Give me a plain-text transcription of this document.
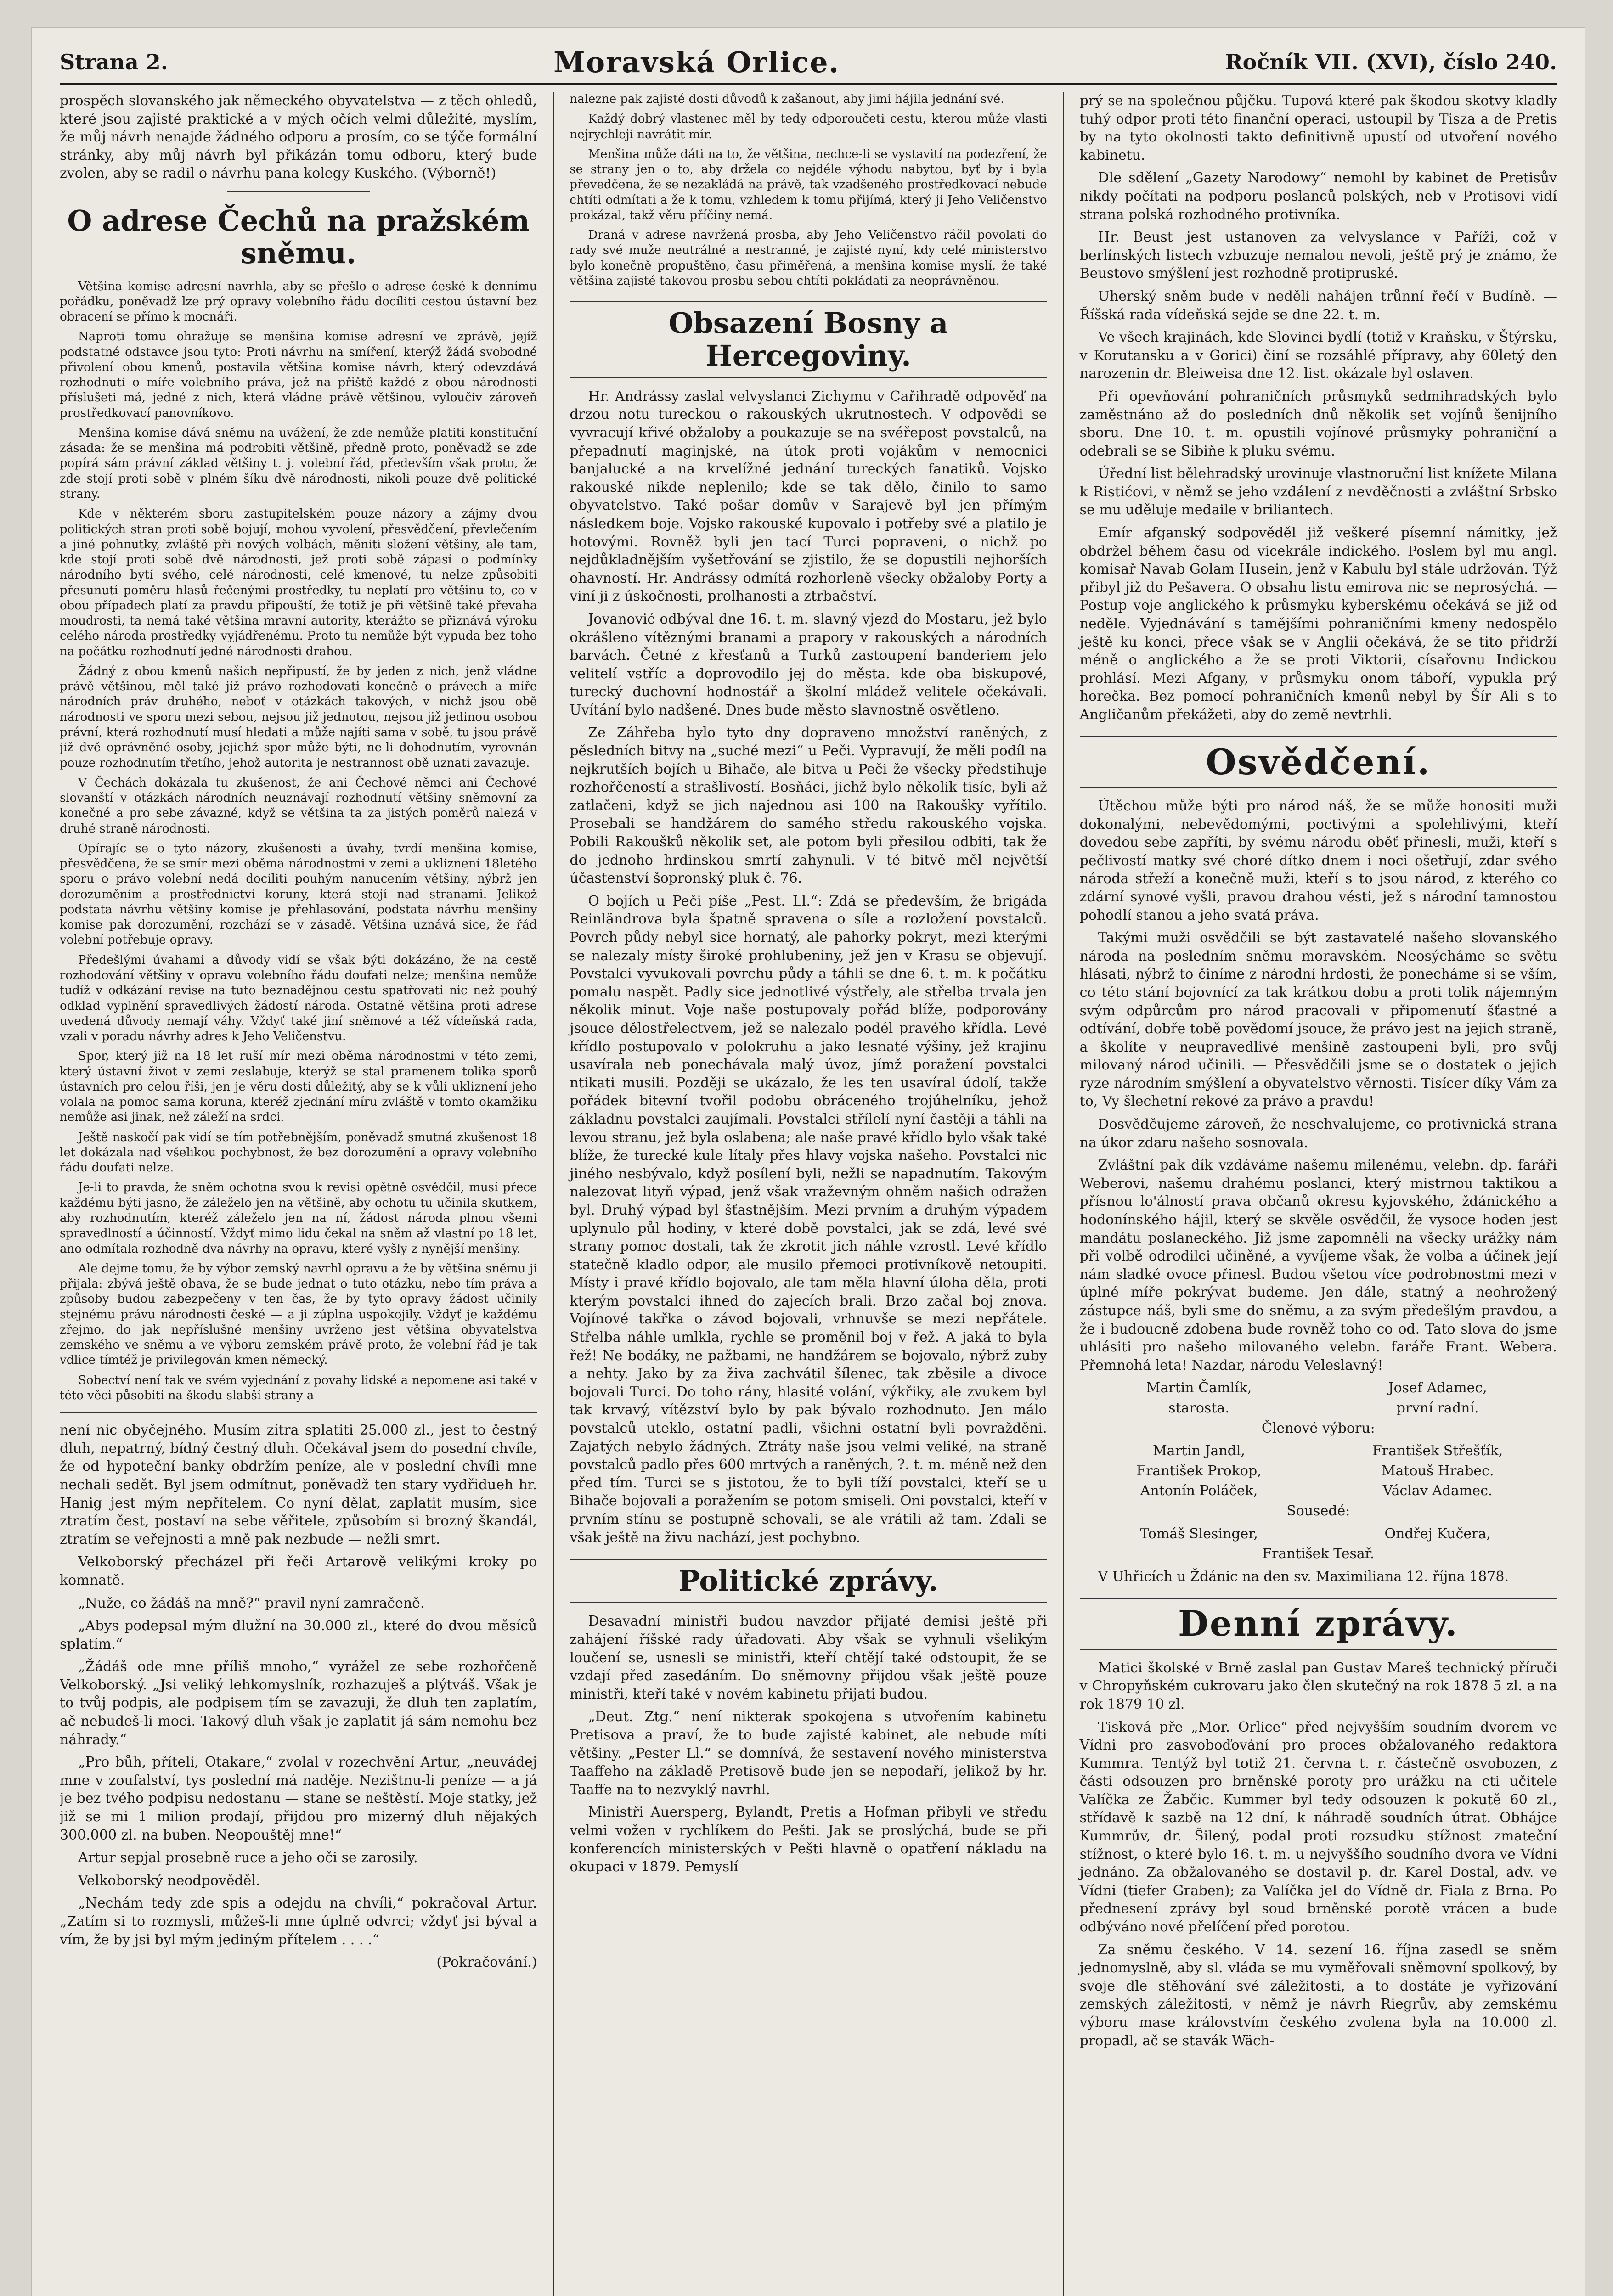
Strana 2.	Moravská Orlice.	Ročník VII. (XVI), číslo 240.

prospěch slovanského jak německého obyvatelstva — z těch ohledů, které jsou zajisté praktické a v mých očích velmi důležité, myslím, že můj návrh nenajde žádného odporu a prosím, co se týče formální stránky, aby můj návrh byl přikázán tomu odboru, který bude zvolen, aby se radil o návrhu pana kolegy Kuského. (Výborně!)

O adrese Čechů na pražském sněmu.

Většina komise adresní navrhla, aby se přešlo o adrese české k dennímu pořádku, poněvadž lze prý opravy volebního řádu docíliti cestou ústavní bez obracení se přímo k mocnáři.

Naproti tomu ohražuje se menšina komise adresní ve zprávě, jejíž podstatné odstavce jsou tyto: Proti návrhu na smíření, kterýž žádá svobodné přivolení obou kmenů, postavila většina komise návrh, který odevzdává rozhodnutí o míře volebního práva, jež na přiště každé z obou národností příslušeti má, jedné z nich, která vládne právě většinou, vyloučiv zároveň prostředkovací panovníkovo.

Menšina komise dává sněmu na uvážení, že zde nemůže platiti konstituční zásada: že se menšina má podrobiti většině, předně proto, poněvadž se zde popírá sám právní základ většiny t. j. volební řád, především však proto, že zde stojí proti sobě v plném šíku dvě národnosti, nikoli pouze dvě politické strany.

Kde v některém sboru zastupitelském pouze názory a zájmy dvou politických stran proti sobě bojují, mohou vyvolení, přesvědčení, převlečením a jiné pohnutky, zvláště při nových volbách, měniti složení většiny, ale tam, kde stojí proti sobě dvě národnosti, jež proti sobě zápasí o podmínky národního bytí svého, celé národnosti, celé kmenové, tu nelze způsobiti přesunutí poměru hlasů řečenými prostředky, tu neplatí pro většinu to, co v obou případech platí za pravdu připouští, že totiž je při většině také převaha moudrosti, ta nemá také většina mravní autority, kterážto se přiznává výroku celého národa prostředky vyjádřenému. Proto tu nemůže být vypuda bez toho na počátku rozhodnutí jedné národnosti drahou.

Žádný z obou kmenů našich nepřipustí, že by jeden z nich, jenž vládne právě většinou, měl také již právo rozhodovati konečně o právech a míře národních práv druhého, neboť v otázkách takových, v nichž jsou obě národnosti ve sporu mezi sebou, nejsou již jednotou, nejsou již jedinou osobou právní, která rozhodnutí musí hledati a může najíti sama v sobě, tu jsou právě již dvě oprávněné osoby, jejichž spor může býti, ne-li dohodnutím, vyrovnán pouze rozhodnutím třetího, jehož autorita je nestrannost obě uznati zavazuje.

V Čechách dokázala tu zkušenost, že ani Čechové němci ani Čechové slovanští v otázkách národních neuznávají rozhodnutí většiny sněmovní za konečné a pro sebe závazné, když se většina ta za jistých poměrů nalezá v druhé straně národnosti.

Opírajíc se o tyto názory, zkušenosti a úvahy, tvrdí menšina komise, přesvědčena, že se smír mezi oběma národnostmi v zemi a ukliznení 18letého sporu o právo volební nedá dociliti pouhým nanucením většiny, nýbrž jen dorozuměním a prostřednictví koruny, která stojí nad stranami. Jelikož podstata návrhu většiny komise je přehlasování, podstata návrhu menšiny komise pak dorozumění, rozchází se v zásadě. Většina uznává sice, že řád volební potřebuje opravy.

Předešlými úvahami a důvody vidí se však býti dokázáno, že na cestě rozhodování většiny v opravu volebního řádu doufati nelze; menšina nemůže tudíž v odkázání revise na tuto beznadějnou cestu spatřovati nic než pouhý odklad vyplnění spravedlivých žádostí národa. Ostatně většina proti adrese uvedená důvody nemají váhy. Vždyť také jiní sněmové a též vídeňská rada, vzali v poradu návrhy adres k Jeho Veličenstvu.

Spor, který již na 18 let ruší mír mezi oběma národnostmi v této zemi, který ústavní život v zemi zeslabuje, kterýž se stal pramenem tolika sporů ústavních pro celou říši, jen je věru dosti důležitý, aby se k vůli ukliznení jeho volala na pomoc sama koruna, kteréž zjednání míru zvláště v tomto okamžiku nemůže asi jinak, než záleží na srdci.

Ještě naskočí pak vidí se tím potřebnějším, poněvadž smutná zkušenost 18 let dokázala nad všelikou pochybnost, že bez dorozumění a opravy volebního řádu doufati nelze.

Je-li to pravda, že sněm ochotna svou k revisi opětně osvědčil, musí přece každému býti jasno, že záleželo jen na většině, aby ochotu tu učinila skutkem, aby rozhodnutím, kteréž záleželo jen na ní, žádost národa plnou všemi spravedlností a účinností. Vždyť mimo lidu čekal na sněm až vlastní po 18 let, ano odmítala rozhodně dva návrhy na opravu, které vyšly z nynější menšiny.

Ale dejme tomu, že by výbor zemský navrhl opravu a že by většina sněmu ji přijala: zbývá ještě obava, že se bude jednat o tuto otázku, nebo tím práva a způsoby budou zabezpečeny v ten čas, že by tyto opravy žádost učinily stejnému právu národnosti české — a ji zúplna uspokojily. Vždyť je každému zřejmo, do jak nepříslušné menšiny uvrženo jest většina obyvatelstva zemského ve sněmu a ve výboru zemském právě proto, že volební řád je tak vdlice tímtéž je privilegován kmen německý.

Sobectví není tak ve svém vyjednání z povahy lidské a nepomene asi také v této věci působiti na škodu slabší strany a

není nic obyčejného. Musím zítra splatiti 25.000 zl., jest to čestný dluh, nepatrný, bídný čestný dluh. Očekával jsem do posední chvíle, že od hypoteční banky obdržím peníze, ale v poslední chvíli mne nechali sedět. Byl jsem odmítnut, poněvadž ten stary vydřidueh hr. Hanig jest mým nepřítelem. Co nyní dělat, zaplatit musím, sice ztratím čest, postaví na sebe věřitele, způsobím si brozný škandál, ztratím se veřejnosti a mně pak nezbude — nežli smrt.

Velkoborský přecházel při řeči Artarově velikými kroky po komnatě.

„Nuže, co žádáš na mně?“ pravil nyní zamračeně.

„Abys podepsal mým dlužní na 30.000 zl., které do dvou měsíců splatím.“

„Žádáš ode mne příliš mnoho,“ vyrážel ze sebe rozhořčeně Velkoborský. „Jsi veliký lehkomyslník, rozhazuješ a plýtváš. Však je to tvůj podpis, ale podpisem tím se zavazuji, že dluh ten zaplatím, ač nebudeš-li moci. Takový dluh však je zaplatit já sám nemohu bez náhrady.“

„Pro bůh, příteli, Otakare,“ zvolal v rozechvění Artur, „neuvádej mne v zoufalství, tys poslední má naděje. Nezištnu-li peníze — a já je bez tvého podpisu nedostanu — stane se neštěstí. Moje statky, jež již se mi 1 milion prodají, přijdou pro mizerný dluh nějakých 300.000 zl. na buben. Neopouštěj mne!“

Artur sepjal prosebně ruce a jeho oči se zarosily.

Velkoborský neodpověděl.

„Nechám tedy zde spis a odejdu na chvíli,“ pokračoval Artur. „Zatím si to rozmysli, můžeš-li mne úplně odvrci; vždyť jsi býval a vím, že by jsi byl mým jediným přítelem . . . .“

(Pokračování.)

nalezne pak zajisté dosti důvodů k zašanout, aby jimi hájila jednání své.

Každý dobrý vlastenec měl by tedy odporoučeti cestu, kterou může vlasti nejrychlejí navrátit mír.

Menšina může dáti na to, že většina, nechce-li se vystavití na podezření, že se strany jen o to, aby držela co nejdéle výhodu nabytou, byť by i byla převedčena, že se nezakládá na právě, tak vzadšeného prostředkovací nebude chtíti odmítati a že k tomu, vzhledem k tomu přijímá, který ji Jeho Veličenstvo prokázal, takž věru příčiny nemá.

Draná v adrese navržená prosba, aby Jeho Veličenstvo ráčil povolati do rady své muže neutrálné a nestranné, je zajisté nyní, kdy celé ministerstvo bylo konečně propuštěno, času přiměřená, a menšina komise myslí, že také většina zajisté takovou prosbu sebou chtíti pokládati za neoprávněnou.

Obsazení Bosny a Hercegoviny.

Hr. Andrássy zaslal velvyslanci Zichymu v Cařihradě odpověď na drzou notu tureckou o rakouských ukrutnostech. V odpovědi se vyvracují křivé obžaloby a poukazuje se na svéřepost povstalců, na přepadnutí maginjské, na útok proti vojákům v nemocnici banjalucké a na krvelížné jednání tureckých fanatiků. Vojsko rakouské nikde neplenilo; kde se tak dělo, činilo to samo obyvatelstvo. Také pošar domův v Sarajevě byl jen přímým následkem boje. Vojsko rakouské kupovalo i potřeby své a platilo je hotovými. Rovněž byli jen tací Turci popraveni, o nichž po nejdůkladnějším vyšetřování se zjistilo, že se dopustili nejhorších ohavností. Hr. Andrássy odmítá rozhorleně všecky obžaloby Porty a viní ji z úskočnosti, prolhanosti a ztrbačství.

Jovanović odbýval dne 16. t. m. slavný vjezd do Mostaru, jež bylo okrášleno vítěznými branami a prapory v rakouských a národních barvách. Četné z křesťanů a Turků zastoupení banderiem jelo velitelí vstříc a doprovodilo jej do města. kde oba biskupové, turecký duchovní hodnostář a školní mládež velitele očekávali. Uvítání bylo nadšené. Dnes bude město slavnostně osvětleno.

Ze Záhřeba bylo tyto dny dopraveno množství raněných, z pěsledních bitvy na „suché mezi“ u Peči. Vypravují, že měli podíl na nejkrutších bojích u Bihače, ale bitva u Peči že všecky předstihuje rozhořčeností a strašlivostí. Bosňáci, jichž bylo několik tisíc, byli až zatlačeni, když se jich najednou asi 100 na Rakoušky vyřítilo. Prosebali se handžárem do samého středu rakouského vojska. Pobili Rakoušků několik set, ale potom byli přesilou odbiti, tak že do jednoho hrdinskou smrtí zahynuli. V té bitvě měl největší účastenství šopronský pluk č. 76.

O bojích u Peči píše „Pest. Ll.“: Zdá se především, že brigáda Reinländrova byla špatně spravena o síle a rozložení povstalců. Povrch půdy nebyl sice hornatý, ale pahorky pokryt, mezi kterými se nalezaly místy široké prohlubeniny, jež jen v Krasu se objevují. Povstalci vyvukovali povrchu půdy a táhli se dne 6. t. m. k počátku pomalu naspět. Padly sice jednotlivé výstřely, ale střelba trvala jen několik minut. Voje naše postupovaly pořád blíže, podporovány jsouce dělostřelectvem, jež se nalezalo podél pravého křídla. Levé křídlo postupovalo v polokruhu a jako lesnaté výšiny, jež krajinu usavírala neb ponechávala malý úvoz, jímž poražení povstalci ntikati musili. Později se ukázalo, že les ten usavíral údolí, takže pořádek bitevní tvořil podobu obráceného trojúhelníku, jehož základnu povstalci zaujímali. Povstalci střílelí nyní častěji a táhli na levou stranu, jež byla oslabena; ale naše pravé křídlo bylo však také blíže, že turecké kule lítaly přes hlavy vojska našeho. Povstalci nic jiného nesbývalo, když posílení byli, nežli se napadnutím. Takovým nalezovat lityň výpad, jenž však vraževným ohněm našich odražen byl. Druhý výpad byl šťastnějším. Mezi prvním a druhým výpadem uplynulo půl hodiny, v které době povstalci, jak se zdá, levé své strany pomoc dostali, tak že zkrotit jich náhle vzrostl. Levé křídlo statečně kladlo odpor, ale musilo přemoci protivníkově netoupiti. Místy i pravé křídlo bojovalo, ale tam měla hlavní úloha děla, proti kterým povstalci ihned do zajecích brali. Brzo začal boj znova. Vojínové takřka o závod bojovali, vrhnuvše se mezi nepřátele. Střelba náhle umlkla, rychle se proměnil boj v řež. A jaká to byla řež! Ne bodáky, ne pažbami, ne handžárem se bojovalo, nýbrž zuby a nehty. Jako by za živa zachvátil šílenec, tak zběsile a divoce bojovali Turci. Do toho rány, hlasité volání, výkřiky, ale zvukem byl tak krvavý, vítězství bylo by pak bývalo rozhodnuto. Jen málo povstalců uteklo, ostatní padli, všichni ostatní byli povražděni. Zajatých nebylo žádných. Ztráty naše jsou velmi veliké, na straně povstalců padlo přes 600 mrtvých a raněných, ?. t. m. méně než den před tím. Turci se s jistotou, že to byli tíží povstalci, kteří se u Bihače bojovali a poražením se potom smiseli. Oni povstalci, kteří v prvním stínu se postupně schovali, se ale vrátili až tam. Zdali se však ještě na živu nachází, jest pochybno.

Politické zprávy.

Desavadní ministři budou navzdor přijaté demisi ještě při zahájení říšské rady úřadovati. Aby však se vyhnuli všelikým loučení se, usnesli se ministři, kteří chtějí také odstoupit, že se vzdají před zasedáním. Do sněmovny přijdou však ještě pouze ministři, kteří také v novém kabinetu přijati budou.

„Deut. Ztg.“ není nikterak spokojena s utvořením kabinetu Pretisova a praví, že to bude zajisté kabinet, ale nebude míti většiny. „Pester Ll.“ se domnívá, že sestavení nového ministerstva Taaffeho na základě Pretisově bude jen se nepodaří, jelikož by hr. Taaffe na to nezvyklý navrhl.

Ministři Auersperg, Bylandt, Pretis a Hofman přibyli ve středu velmi vožen v rychlíkem do Pešti. Jak se proslýchá, bude se při konferencích ministerských v Pešti hlavně o opatření nákladu na okupaci v 1879. Pemyslí

prý se na společnou půjčku. Tupová které pak škodou skotvy kladly tuhý odpor proti této finanční operaci, ustoupil by Tisza a de Pretis by na tyto okolnosti takto definitivně upustí od utvoření nového kabinetu.

Dle sdělení „Gazety Narodowy“ nemohl by kabinet de Pretisův nikdy počítati na podporu poslanců polských, neb v Protisovi vidí strana polská rozhodného protivníka.

Hr. Beust jest ustanoven za velvyslance v Paříži, což v berlínských listech vzbuzuje nemalou nevoli, ještě prý je známo, že Beustovo smýšlení jest rozhodně protipruské.

Uherský sněm bude v neděli nahájen trůnní řečí v Budíně. — Říšská rada vídeňská sejde se dne 22. t. m.

Ve všech krajinách, kde Slovinci bydlí (totiž v Kraňsku, v Štýrsku, v Korutansku a v Gorici) činí se rozsáhlé přípravy, aby 60letý den narozenin dr. Bleiweisa dne 12. list. okázale byl oslaven.

Při opevňování pohraničních průsmyků sedmihradských bylo zaměstnáno až do posledních dnů několik set vojínů šenijního sboru. Dne 10. t. m. opustili vojínové průsmyky pohraniční a odebrali se se Sibiňe k pluku svému.

Úřední list bělehradský urovinuje vlastnoruční list knížete Milana k Ristićovi, v němž se jeho vzdálení z nevděčnosti a zvláštní Srbsko se mu uděluje medaile v briliantech.

Emír afganský sodpověděl již veškeré písemní námitky, jež obdržel během času od vicekrále indického. Poslem byl mu angl. komisař Navab Golam Husein, jenž v Kabulu byl stále udržován. Týž přibyl již do Pešavera. O obsahu listu emirova nic se neprosýchá. — Postup voje anglického k průsmyku kyberskému očekává se již od neděle. Vyjednávání s tamějšími pohraničními kmeny nedospělo ještě ku konci, přece však se v Anglii očekává, že se tito přidrží méně o anglického a že se proti Viktorii, císařovnu Indickou prohlásí. Mezi Afgany, v průsmyku onom táboří, vypukla prý horečka. Bez pomocí pohraničních kmenů nebyl by Šír Ali s to Angličanům překážeti, aby do země nevtrhli.

Osvědčení.

Útěchou může býti pro národ náš, že se může honositi muži dokonalými, nebevědomými, poctivými a spolehlivými, kteří dovedou sebe zapříti, by svému národu oběť přinesli, muži, kteří s pečlivostí matky své choré dítko dnem i noci ošetřují, zdar svého národa střeží a konečně muži, kteří s to jsou národ, z kterého co zdární synové vyšli, pravou drahou vésti, jež s národní tamnostou pohodlí stanou a jeho svatá práva.

Takými muži osvědčili se být zastavatelé našeho slovanského národa na posledním sněmu moravském. Neosýcháme se světu hlásati, nýbrž to činíme z národní hrdosti, že ponecháme si se vším, co této stání bojovnící za tak krátkou dobu a proti tolik nájemným svým odpůrcům pro národ pracovali v připomenutí šťastné a odtívání, dobře tobě povědomí jsouce, že právo jest na jejich straně, a školíte v neupravedlivé menšině zastoupeni byli, pro svůj milovaný národ učinili. — Přesvědčili jsme se o dostatek o jejich ryze národním smýšlení a obyvatelstvo věrnosti. Tisícer díky Vám za to, Vy šlechetní rekové za právo a pravdu!

Dosvědčujeme zároveň, že neschvalujeme, co protivnická strana na úkor zdaru našeho sosnovala.

Zvláštní pak dík vzdáváme našemu milenému, velebn. dp. faráři Weberovi, našemu drahému poslanci, který mistrnou taktikou a přísnou lo'álností prava občanů okresu kyjovského, ždánického a hodonínského hájil, který se skvěle osvědčil, že vysoce hoden jest mandátu poslaneckého. Již jsme zapomněli na všecky urážky nám při volbě odrodilci učiněné, a vyvíjeme však, že volba a účinek její nám sladké ovoce přinesl. Budou všetou více podrobnostmi mezi v úplné míře pokrývat budeme. Jen dále, statný a neohrožený zástupce náš, byli sme do sněmu, a za svým předešlým pravdou, a že i budoucně zdobena bude rovněž toho co od. Tato slova do jsme uhlásiti pro našeho milovaného velebn. faráře Frant. Webera. Přemnohá leta! Nazdar, národu Veleslavný!

Martin Čamlík,	Josef Adamec,
starosta.	první radní.

Členové výboru:

Martin Jandl,	František Střešťík,
František Prokop,	Matouš Hrabec.
Antonín Poláček,	Václav Adamec.

Sousedé:

Tomáš Slesinger,	Ondřej Kučera,

František Tesař.

V Uhřicích u Ždánic na den sv. Maximiliana 12. října 1878.

Denní zprávy.

Matici školské v Brně zaslal pan Gustav Mareš technický příruči v Chropyňském cukrovaru jako člen skutečný na rok 1878 5 zl. a na rok 1879 10 zl.

Tisková pře „Mor. Orlice“ před nejvyšším soudním dvorem ve Vídni pro zasvoboďování pro proces obžalovaného redaktora Kummra. Tentýž byl totiž 21. června t. r. částečně osvobozen, z části odsouzen pro brněnské poroty pro urážku na cti učitele Valíčka ze Žabčic. Kummer byl tedy odsouzen k pokutě 60 zl., střídavě k sazbě na 12 dní, k náhradě soudních útrat. Obhájce Kummrův, dr. Šilený, podal proti rozsudku stížnost zmateční stížnost, o které bylo 16. t. m. u nejvyššího soudního dvora ve Vídni jednáno. Za obžalovaného se dostavil p. dr. Karel Dostal, adv. ve Vídni (tiefer Graben); za Valíčka jel do Vídně dr. Fiala z Brna. Po přednesení zprávy byl soud brněnské porotě vrácen a bude odbýváno nové přelíčení před porotou.

Za sněmu českého. V 14. sezení 16. října zasedl se sněm jednomyslně, aby sl. vláda se mu vyměřovali sněmovní spolkový, by svoje dle stěhování své záležitosti, a to dostáte je vyřizování zemských záležitosti, v němž je návrh Riegrův, aby zemskému výboru mase královstvím českého zvolena byla na 10.000 zl. propadl, ač se stavák Wäch-
